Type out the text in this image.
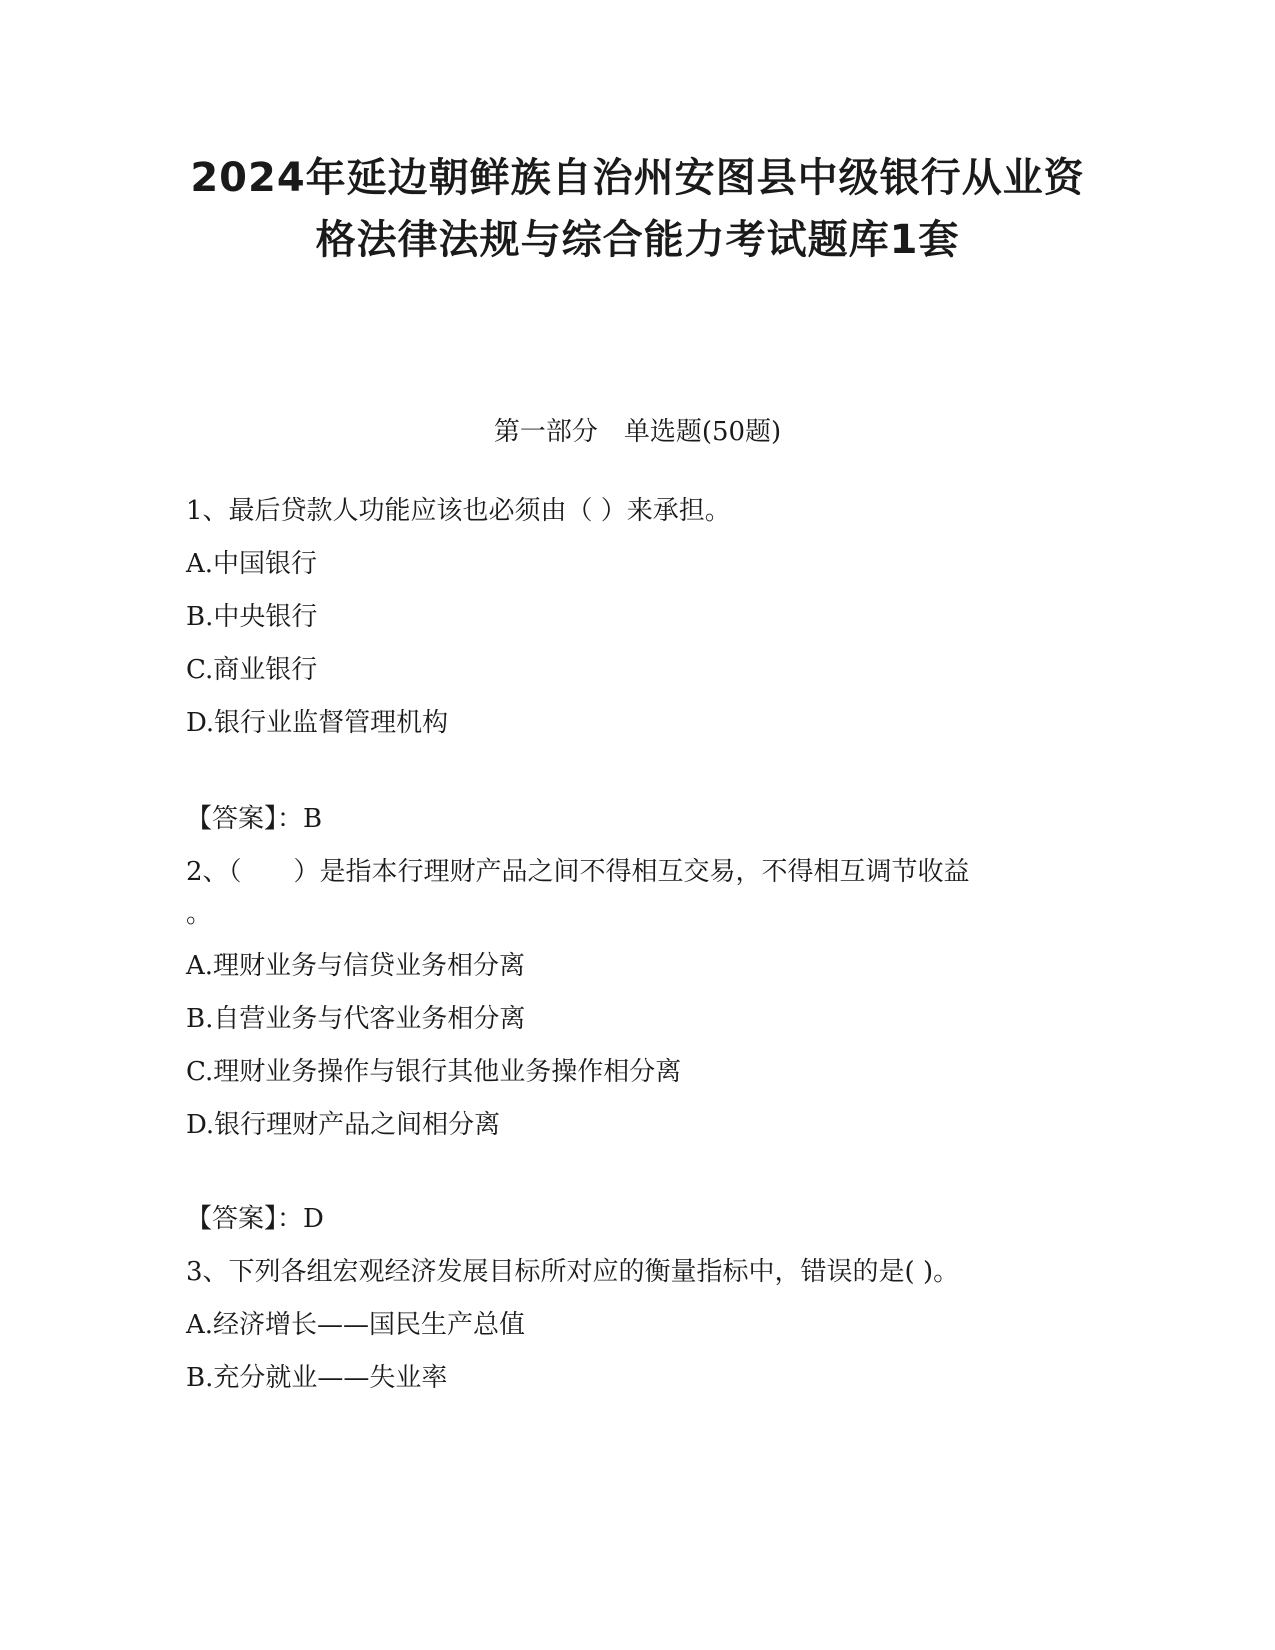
2024年延边朝鲜族自治州安图县中级银行从业资
格法律法规与综合能力考试题库1套
第一部分　单选题(50题)
1、最后贷款人功能应该也必须由（ ）来承担。
A.中国银行
B.中央银行
C.商业银行
D.银行业监督管理机构
【答案】：B
2、（　　）是指本行理财产品之间不得相互交易，不得相互调节收益
。
A.理财业务与信贷业务相分离
B.自营业务与代客业务相分离
C.理财业务操作与银行其他业务操作相分离
D.银行理财产品之间相分离
【答案】：D
3、下列各组宏观经济发展目标所对应的衡量指标中，错误的是( )。
A.经济增长——国民生产总值
B.充分就业——失业率
